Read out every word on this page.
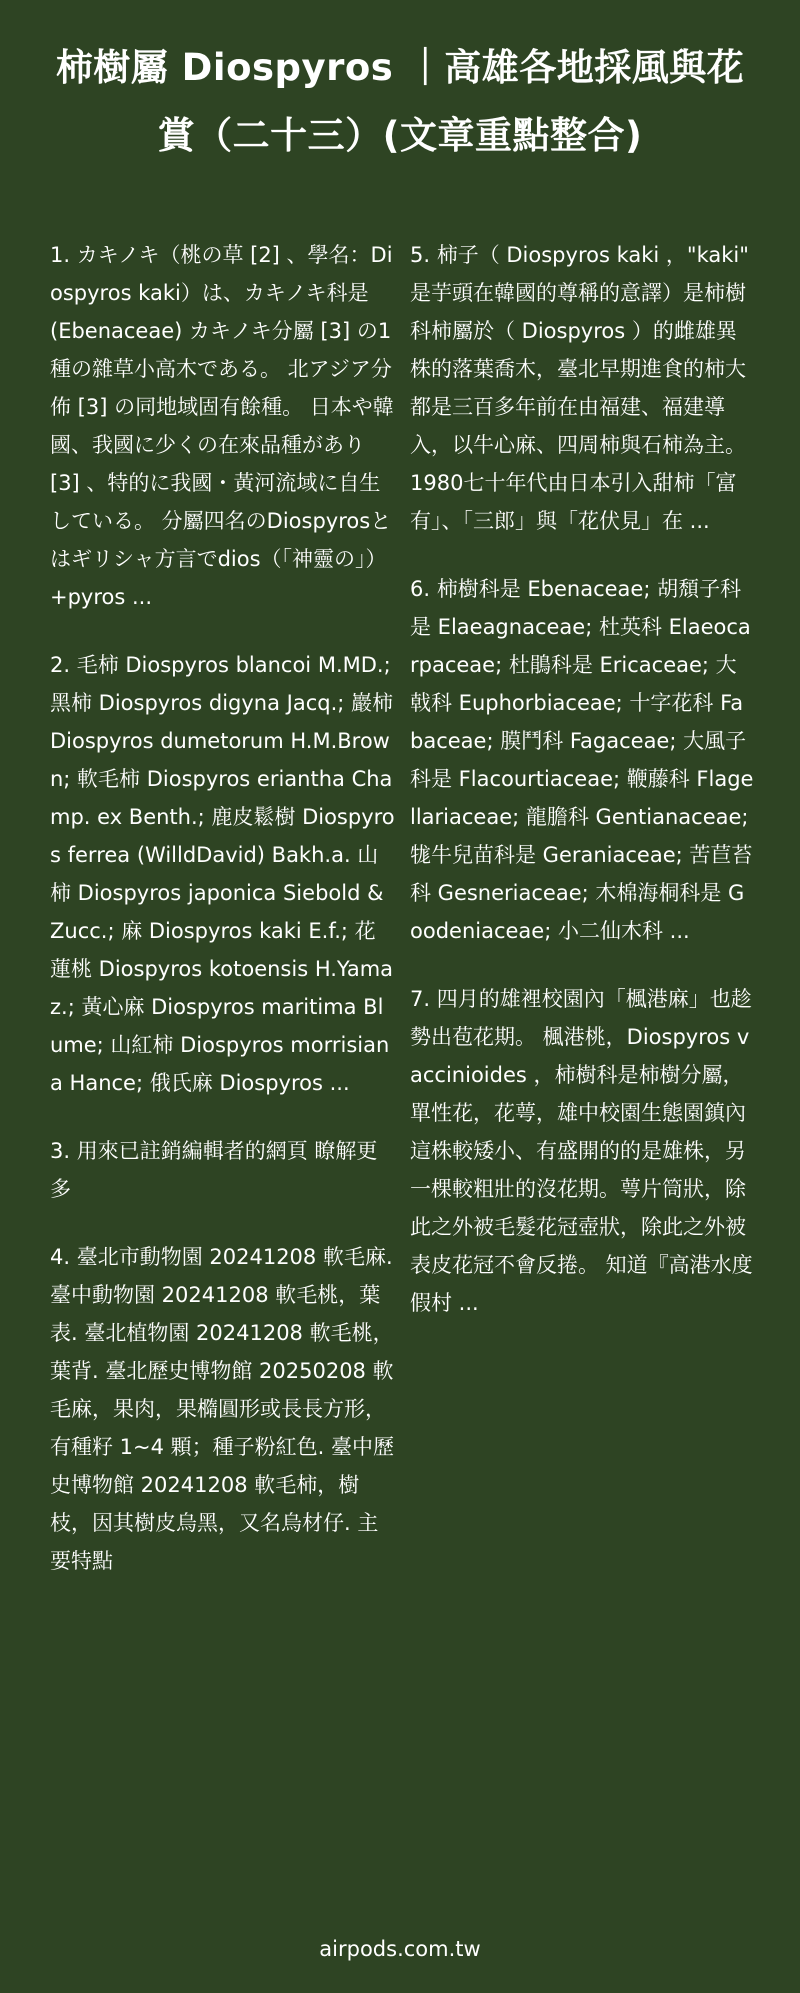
柿樹屬 Diospyros ｜高雄各地採風與花賞（二十三）(文章重點整合)

1. カキノキ（桃の草 [2] 、學名：Diospyros kaki）は、カキノキ科是 (Ebenaceae) カキノキ分屬 [3] の1種の雜草小高木である。 北アジア分佈 [3] の同地域固有餘種。 日本や韓國、我國に少くの在來品種があり [3] 、特的に我國・黃河流域に自生している。 分屬四名のDiospyrosとはギリシャ方言でdios（「神靈の」）+pyros ...

2. 毛柿 Diospyros blancoi M.MD.; 黑柿 Diospyros digyna Jacq.; 巖柿 Diospyros dumetorum H.M.Brown; 軟毛柿 Diospyros eriantha Champ. ex Benth.; 鹿皮鬆樹 Diospyros ferrea (WilldDavid) Bakh.a. 山柿 Diospyros japonica Siebold & Zucc.; 麻 Diospyros kaki E.f.; 花蓮桃 Diospyros kotoensis H.Yamaz.; 黃心麻 Diospyros maritima Blume; 山紅柿 Diospyros morrisiana Hance; 俄氏麻 Diospyros ...

3. 用來已註銷編輯者的網頁 瞭解更多

4. 臺北市動物園 20241208 軟毛麻. 臺中動物園 20241208 軟毛桃，葉表. 臺北植物園 20241208 軟毛桃，葉背. 臺北歷史博物館 20250208 軟毛麻，果肉，果橢圓形或長長方形，有種籽 1~4 顆；種子粉紅色. 臺中歷史博物館 20241208 軟毛柿，樹枝，因其樹皮烏黑，又名烏材仔. 主要特點

5. 柿子（ Diospyros kaki ，"kaki" 是芋頭在韓國的尊稱的意譯）是柿樹科柿屬於（ Diospyros ）的雌雄異株的落葉喬木，臺北早期進食的柿大都是三百多年前在由福建、福建導入，以牛心麻、四周柿與石柿為主。1980七十年代由日本引入甜柿「富有」、「三郎」與「花伏見」在 ...

6. 柿樹科是 Ebenaceae; 胡頹子科是 Elaeagnaceae; 杜英科 Elaeocarpaceae; 杜鵑科是 Ericaceae; 大戟科 Euphorbiaceae; 十字花科 Fabaceae; 膜鬥科 Fagaceae; 大風子科是 Flacourtiaceae; 鞭藤科 Flagellariaceae; 龍膽科 Gentianaceae; 牻牛兒苗科是 Geraniaceae; 苦苣苔科 Gesneriaceae; 木棉海桐科是 Goodeniaceae; 小二仙木科 ...

7. 四月的雄裡校園內「楓港麻」也趁勢出苞花期。 楓港桃，Diospyros vaccinioides ，柿樹科是柿樹分屬，單性花，花萼，雄中校園生態園鎮內這株較矮小、有盛開的的是雄株，另一棵較粗壯的沒花期。萼片筒狀，除此之外被毛髮花冠壺狀，除此之外被表皮花冠不會反捲。 知道『高港水度假村 ...

airpods.com.tw
